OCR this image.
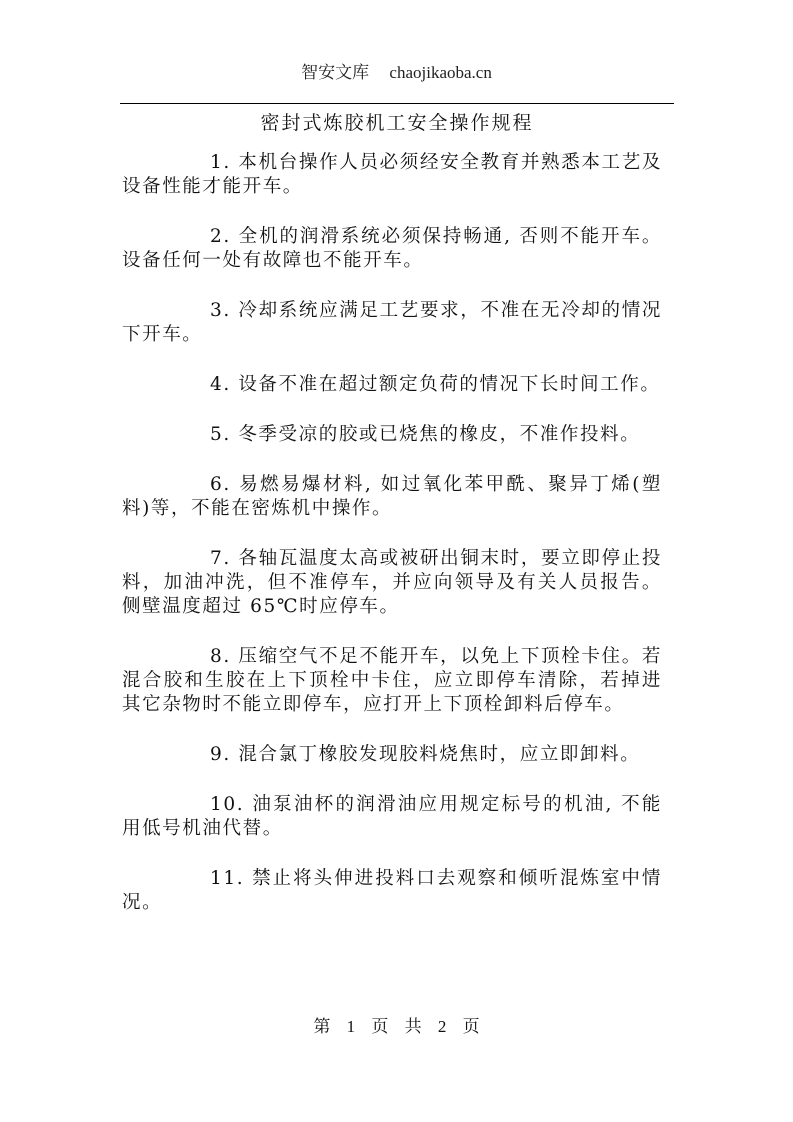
智安文库 chaojikaoba.cn
密封式炼胶机工安全操作规程

1. 本机台操作人员必须经安全教育并熟悉本工艺及设备性能才能开车。

2. 全机的润滑系统必须保持畅通, 否则不能开车。设备任何一处有故障也不能开车。

3. 冷却系统应满足工艺要求，不准在无冷却的情况下开车。

4. 设备不准在超过额定负荷的情况下长时间工作。

5. 冬季受凉的胶或已烧焦的橡皮，不准作投料。

6. 易燃易爆材料, 如过氧化苯甲酰、聚异丁烯(塑料)等，不能在密炼机中操作。

7. 各轴瓦温度太高或被研出铜末时，要立即停止投料，加油冲洗，但不准停车，并应向领导及有关人员报告。侧壁温度超过 65℃时应停车。

8. 压缩空气不足不能开车，以免上下顶栓卡住。若混合胶和生胶在上下顶栓中卡住，应立即停车清除，若掉进其它杂物时不能立即停车，应打开上下顶栓卸料后停车。

9. 混合氯丁橡胶发现胶料烧焦时，应立即卸料。

10. 油泵油杯的润滑油应用规定标号的机油, 不能用低号机油代替。

11. 禁止将头伸进投料口去观察和倾听混炼室中情况。

第 1 页 共 2 页
